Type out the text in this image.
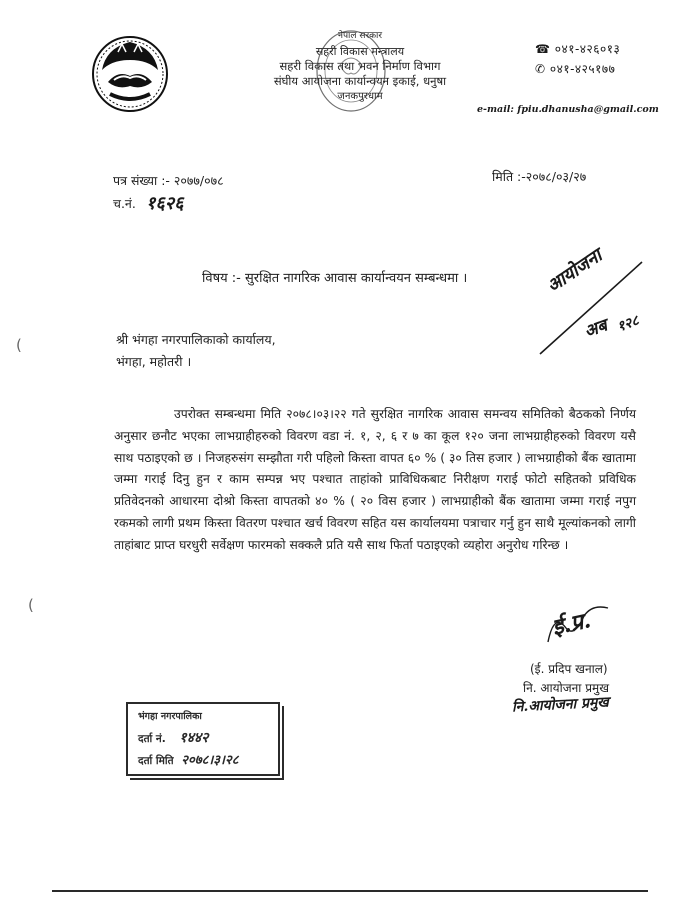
नेपाल सरकार
सहरी विकास मन्त्रालय
सहरी विकास तथा भवन निर्माण विभाग
संघीय आयोजना कार्यान्वयन इकाई, धनुषा
जनकपुरधाम
☎ ०४१-४२६०१३
✆ ०४१-४२५१७७
e-mail: fpiu.dhanusha@gmail.com
पत्र संख्या :- २०७७/०७८
च.नं. १६२६
मिति :-२०७८/०३/२७
विषय :- सुरक्षित नागरिक आवास कार्यान्वयन सम्बन्धमा ।	आयोजना
अब १२८
श्री भंगहा नगरपालिकाको कार्यालय,
भंगहा, महोतरी ।
उपरोक्त सम्बन्धमा मिति २०७८।०३।२२ गते सुरक्षित नागरिक आवास समन्वय समितिको बैठकको निर्णय अनुसार छनौट भएका लाभग्राहीहरुको विवरण वडा नं. १, २, ६ र ७ का कूल १२० जना लाभग्राहीहरुको विवरण यसै साथ पठाइएको छ । निजहरुसंग सम्झौता गरी पहिलो किस्ता वापत ६० % ( ३० तिस हजार ) लाभग्राहीको बैंक खातामा जम्मा गराई दिनु हुन र काम सम्पन्न भए पश्चात ताहांको प्राविधिकबाट निरीक्षण गराई फोटो सहितको प्रविधिक प्रतिवेदनको आधारमा दोश्रो किस्ता वापतको ४० % ( २० विस हजार ) लाभग्राहीको बैंक खातामा जम्मा गराई नपुग रकमको लागी प्रथम किस्ता वितरण पश्चात खर्च विवरण सहित यस कार्यालयमा पत्राचार गर्नु हुन साथै मूल्यांकनको लागी ताहांबाट प्राप्त घरधुरी सर्वेक्षण फारमको सक्कलै प्रति यसै साथ फिर्ता पठाइएको व्यहोरा अनुरोध गरिन्छ ।
ई.प्र.
(ई. प्रदिप खनाल)
नि. आयोजना प्रमुख
नि.आयोजना प्रमुख
भंगहा नगरपालिका
दर्ता नं. १४४२
दर्ता मिति २०७८।३।२८
(
(
